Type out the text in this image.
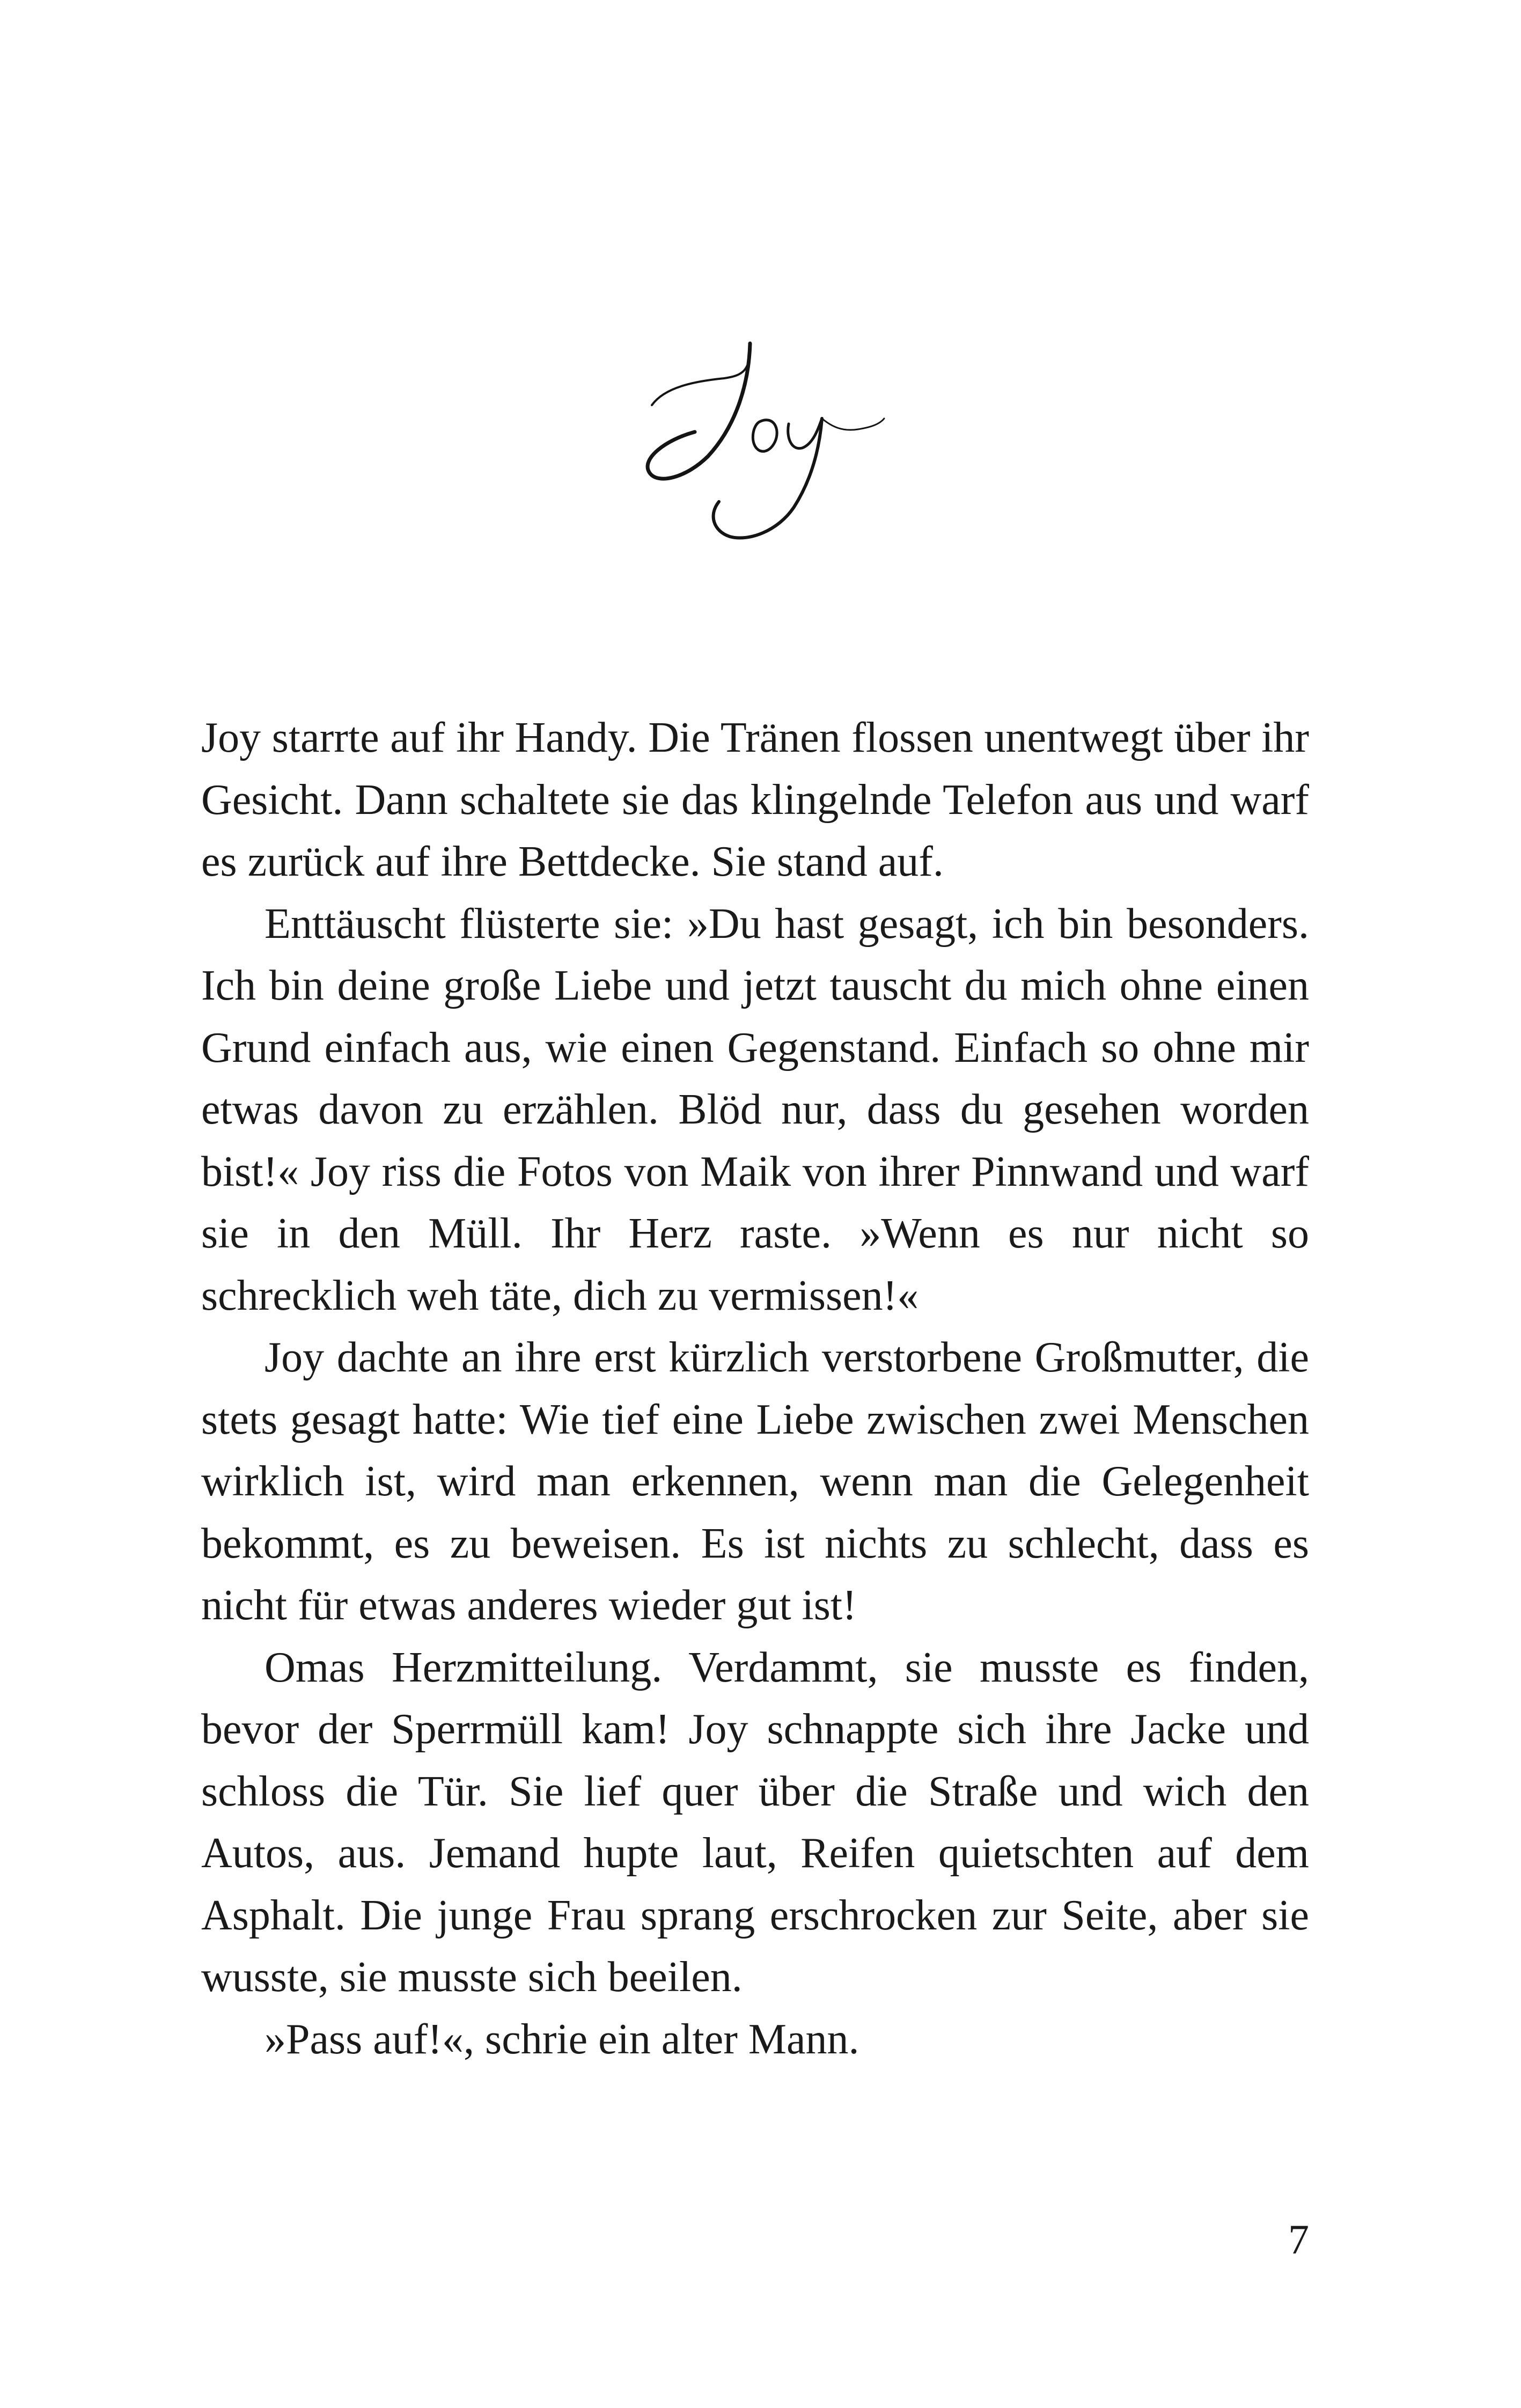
Joy starrte auf ihr Handy. Die Tränen flossen unentwegt über ihr Gesicht. Dann schaltete sie das klingelnde Telefon aus und warf es zurück auf ihre Bettdecke. Sie stand auf.

Enttäuscht flüsterte sie: »Du hast gesagt, ich bin besonders. Ich bin deine große Liebe und jetzt tauscht du mich ohne einen Grund einfach aus, wie einen Gegenstand. Einfach so ohne mir etwas davon zu erzählen. Blöd nur, dass du gesehen worden bist!« Joy riss die Fotos von Maik von ihrer Pinnwand und warf sie in den Müll. Ihr Herz raste. »Wenn es nur nicht so schrecklich weh täte, dich zu vermissen!«

Joy dachte an ihre erst kürzlich verstorbene Großmutter, die stets gesagt hatte: Wie tief eine Liebe zwischen zwei Menschen wirklich ist, wird man erkennen, wenn man die Gelegenheit bekommt, es zu beweisen. Es ist nichts zu schlecht, dass es nicht für etwas anderes wieder gut ist!

Omas Herzmitteilung. Verdammt, sie musste es finden, bevor der Sperrmüll kam! Joy schnappte sich ihre Jacke und schloss die Tür. Sie lief quer über die Straße und wich den Autos, aus. Jemand hupte laut, Reifen quietschten auf dem Asphalt. Die junge Frau sprang erschrocken zur Seite, aber sie wusste, sie musste sich beeilen.

»Pass auf!«, schrie ein alter Mann.

7
